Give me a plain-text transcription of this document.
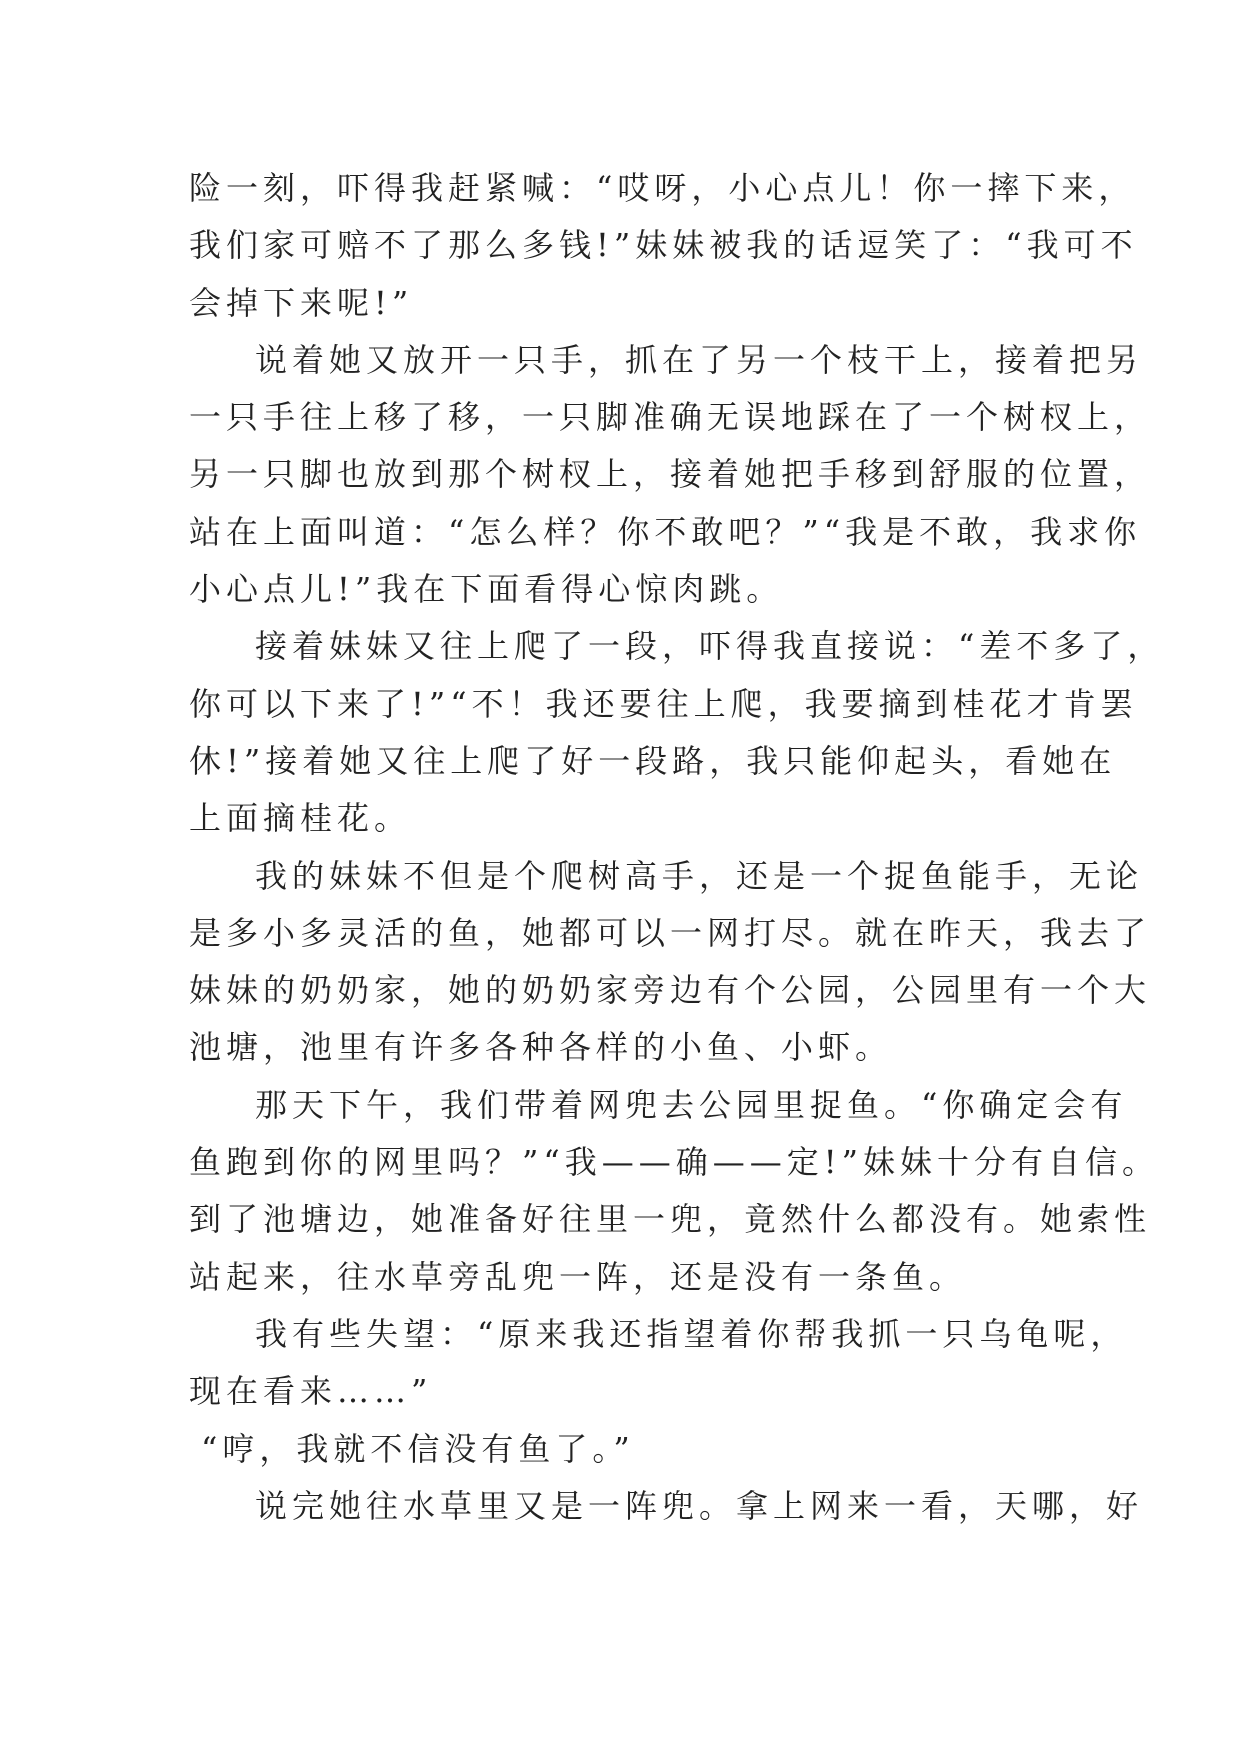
险一刻，吓得我赶紧喊：“哎呀，小心点儿！你一摔下来，
我们家可赔不了那么多钱!”妹妹被我的话逗笑了：“我可不
会掉下来呢!”

说着她又放开一只手，抓在了另一个枝干上，接着把另
一只手往上移了移，一只脚准确无误地踩在了一个树杈上，
另一只脚也放到那个树杈上，接着她把手移到舒服的位置，
站在上面叫道：“怎么样？你不敢吧？”“我是不敢，我求你
小心点儿!”我在下面看得心惊肉跳。

接着妹妹又往上爬了一段，吓得我直接说：“差不多了，
你可以下来了!”“不！我还要往上爬，我要摘到桂花才肯罢
休!”接着她又往上爬了好一段路，我只能仰起头，看她在
上面摘桂花。

我的妹妹不但是个爬树高手，还是一个捉鱼能手，无论
是多小多灵活的鱼，她都可以一网打尽。就在昨天，我去了
妹妹的奶奶家，她的奶奶家旁边有个公园，公园里有一个大
池塘，池里有许多各种各样的小鱼、小虾。

那天下午，我们带着网兜去公园里捉鱼。“你确定会有
鱼跑到你的网里吗？”“我——确——定!”妹妹十分有自信。
到了池塘边，她准备好往里一兜，竟然什么都没有。她索性
站起来，往水草旁乱兜一阵，还是没有一条鱼。

我有些失望：“原来我还指望着你帮我抓一只乌龟呢，
现在看来……”

“哼，我就不信没有鱼了。”

说完她往水草里又是一阵兜。拿上网来一看，天哪，好
